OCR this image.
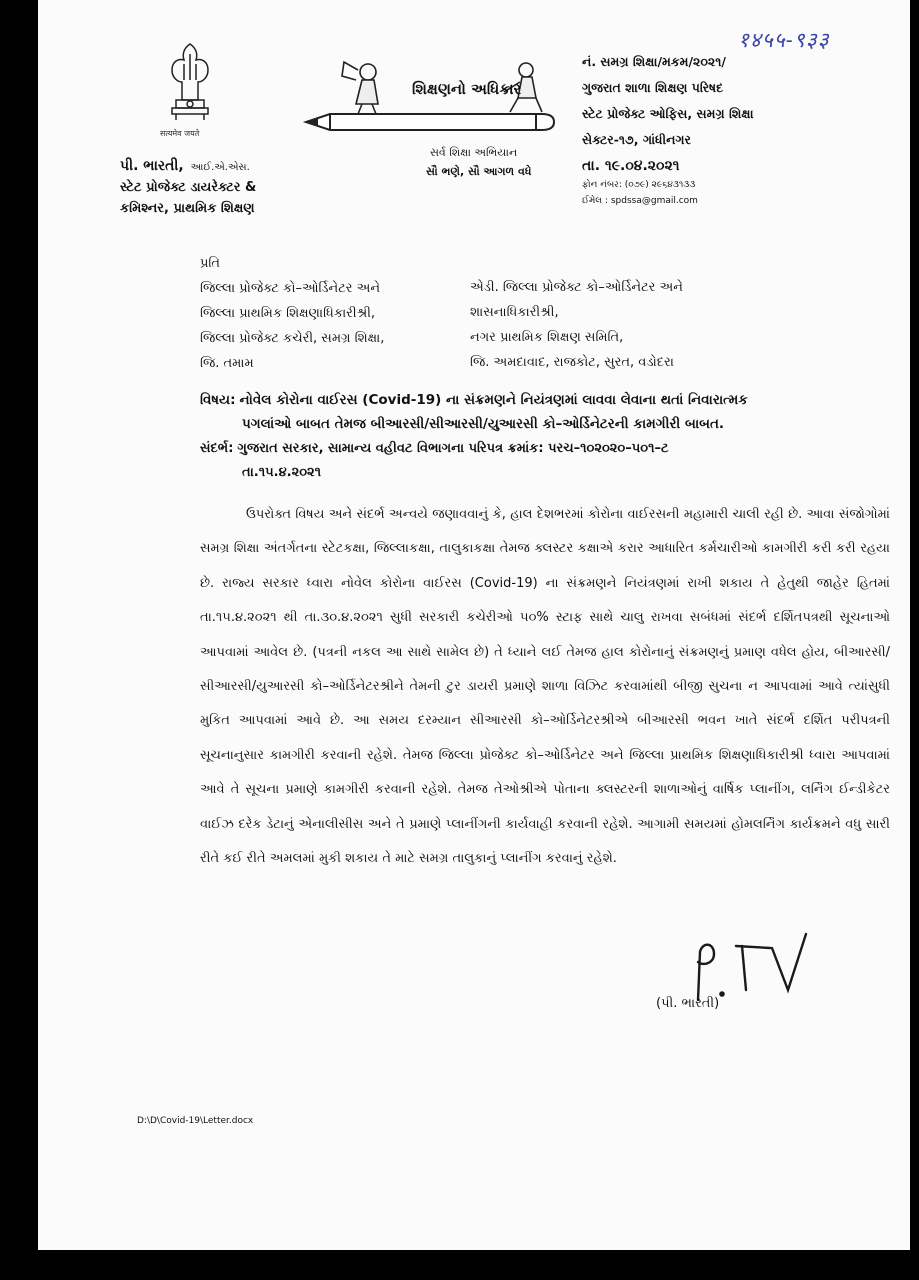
१४५५-९३३
सत्यमेव जयते
પી. ભારતી, આઈ.એ.એસ.
સ્ટેટ પ્રોજેક્ટ ડાયરેક્ટર &
કમિશ્નર, પ્રાથમિક શિક્ષણ
શિક્ષણનો અધિકાર
સર્વ શિક્ષા અભિયાન
સૌ ભણે, સૌ આગળ વધે
નં. સમગ્ર શિક્ષા/મકમ/૨૦૨૧/
ગુજરાત શાળા શિક્ષણ પરિષદ
સ્ટેટ પ્રોજેક્ટ ઓફિસ, સમગ્ર શિક્ષા
સેક્ટર-૧૭, ગાંધીનગર
તા. ૧૯.૦૪.૨૦૨૧
ફોન નંબર: (૦૭૯) ૨૯૬૪૩૧૩૩
ઈમેલ : spdssa@gmail.com
પ્રતિ
જિલ્લા પ્રોજેક્ટ કો–ઓર્ડિનેટર અને
જિલ્લા પ્રાથમિક શિક્ષણાધિકારીશ્રી,
જિલ્લા પ્રોજેક્ટ કચેરી, સમગ્ર શિક્ષા,
જિ. તમામ
એડી. જિલ્લા પ્રોજેક્ટ કો–ઓર્ડિનેટર અને
શાસનાધિકારીશ્રી,
નગર પ્રાથમિક શિક્ષણ સમિતિ,
જિ. અમદાવાદ, રાજકોટ, સુરત, વડોદરા
વિષય: નોવેલ કોરોના વાઈરસ (Covid-19) ના સંક્રમણને નિયંત્રણમાં લાવવા લેવાના થતાં નિવારાત્મક
પગલાંઓ બાબત તેમજ બીઆરસી/સીઆરસી/યુઆરસી કો–ઓર્ડિનેટરની કામગીરી બાબત.
સંદર્ભ: ગુજરાત સરકાર, સામાન્ય વહીવટ વિભાગના પરિપત્ર ક્રમાંક: પરચ–૧૦૨૦૨૦–૫૦૧–ટ
તા.૧૫.૪.૨૦૨૧

ઉપરોક્ત વિષય અને સંદર્ભ અન્વયે જણાવવાનું કે, હાલ દેશભરમાં કોરોના વાઈરસની મહામારી ચાલી રહી છે. આવા સંજોગોમાં સમગ્ર શિક્ષા અંતર્ગતના સ્ટેટકક્ષા, જિલ્લાકક્ષા, તાલુકાકક્ષા તેમજ ક્લસ્ટર કક્ષાએ કરાર આધારિત કર્મચારીઓ કામગીરી કરી કરી રહયા છે. રાજ્ય સરકાર ધ્વારા નોવેલ કોરોના વાઈરસ (Covid-19) ના સંક્રમણને નિયંત્રણમાં રાખી શકાય તે હેતુથી જાહેર હિતમાં તા.૧૫.૪.૨૦૨૧ થી તા.૩૦.૪.૨૦૨૧ સુધી સરકારી કચેરીઓ ૫૦% સ્ટાફ સાથે ચાલુ રાખવા સબંધમાં સંદર્ભ દર્શિતપત્રથી સૂચનાઓ આપવામાં આવેલ છે. (પત્રની નકલ આ સાથે સામેલ છે) તે ધ્યાને લઈ તેમજ હાલ કોરોનાનું સંક્રમણનું પ્રમાણ વધેલ હોય, બીઆરસી/સીઆરસી/યુઆરસી કો–ઓર્ડિનેટરશ્રીને તેમની ટુર ડાયરી પ્રમાણે શાળા વિઝિટ કરવામાંથી બીજી સુચના ન આપવામાં આવે ત્યાંસુધી મુકિત આપવામાં આવે છે. આ સમય દરમ્યાન સીઆરસી કો–ઓર્ડિનેટરશ્રીએ બીઆરસી ભવન ખાતે સંદર્ભ દર્શિત પરીપત્રની સૂચનાનુસાર કામગીરી કરવાની રહેશે. તેમજ જિલ્લા પ્રોજેક્ટ કો–ઓર્ડિનેટર અને જિલ્લા પ્રાથમિક શિક્ષણાધિકારીશ્રી ધ્વારા આપવામાં આવે તે સૂચના પ્રમાણે કામગીરી કરવાની રહેશે. તેમજ તેઓશ્રીએ પોતાના ક્લસ્ટરની શાળાઓનું વાર્ષિક પ્લાનીંગ, લર્નિંગ ઈન્ડીકેટર વાઈઝ દરેક ડેટાનું એનાલીસીસ અને તે પ્રમાણે પ્લાનીંગની કાર્યવાહી કરવાની રહેશે. આગામી સમયમાં હોમલર્નિંગ કાર્યક્રમને વધુ સારી રીતે કઈ રીતે અમલમાં મુકી શકાય તે માટે સમગ્ર તાલુકાનું પ્લાનીંગ કરવાનું રહેશે.

(પી. ભારતી)
D:\D\Covid-19\Letter.docx
